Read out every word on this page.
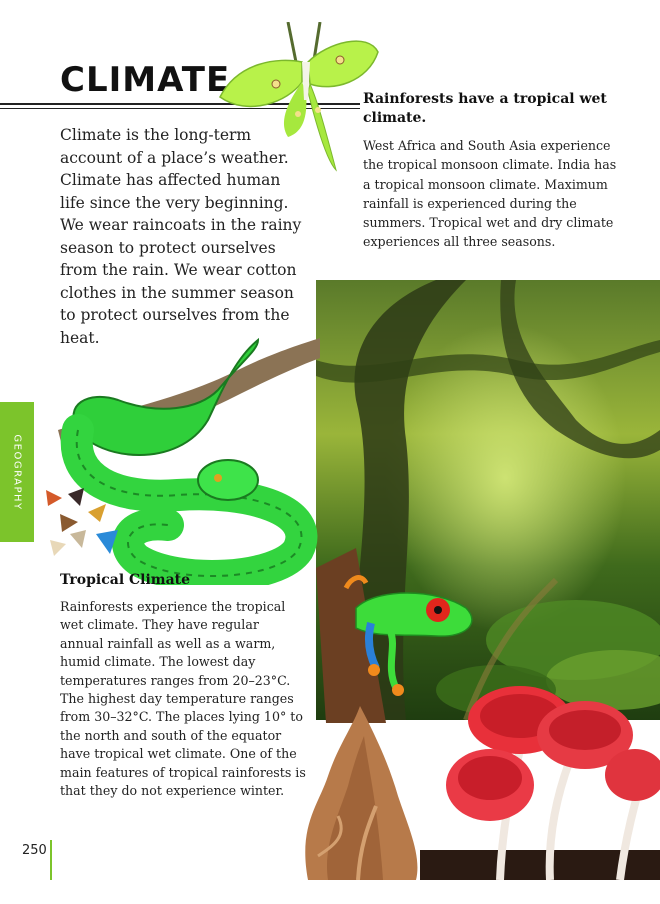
CLIMATE
Climate is the long-term account of a place’s weather. Climate has affected human life since the very beginning. We wear raincoats in the rainy season to protect ourselves from the rain. We wear cotton clothes in the summer season to protect ourselves from the heat.
Rainforests have a tropical wet climate.
West Africa and South Asia experience the tropical monsoon climate. India has a tropical monsoon climate. Maximum rainfall is experienced during the summers. Tropical wet and dry climate experiences all three seasons.
GEOGRAPHY
Tropical Climate
Rainforests experience the tropical wet climate. They have regular annual rainfall as well as a warm, humid climate. The lowest day temperatures ranges from 20–23°C. The highest day temperature ranges from 30–32°C. The places lying 10° to the north and south of the equator have tropical wet climate. One of the main features of tropical rainforests is that they do not experience winter.
250
